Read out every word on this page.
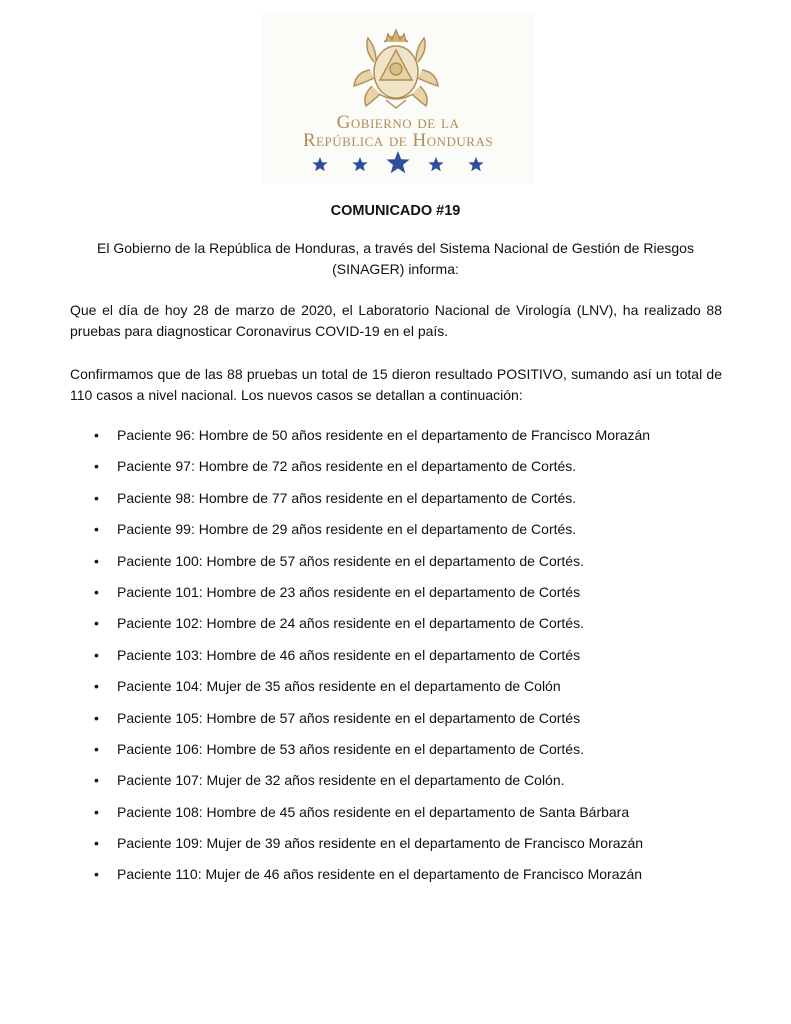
Gobierno de la
República de Honduras
COMUNICADO #19
El Gobierno de la República de Honduras, a través del Sistema Nacional de Gestión de Riesgos (SINAGER) informa:
Que el día de hoy 28 de marzo de 2020, el Laboratorio Nacional de Virología (LNV), ha realizado 88 pruebas para diagnosticar Coronavirus COVID-19 en el país.
Confirmamos que de las 88 pruebas un total de 15 dieron resultado POSITIVO, sumando así un total de 110 casos a nivel nacional. Los nuevos casos se detallan a continuación:
• Paciente 96: Hombre de 50 años residente en el departamento de Francisco Morazán
• Paciente 97: Hombre de 72 años residente en el departamento de Cortés.
• Paciente 98: Hombre de 77 años residente en el departamento de Cortés.
• Paciente 99: Hombre de 29 años residente en el departamento de Cortés.
• Paciente 100: Hombre de 57 años residente en el departamento de Cortés.
• Paciente 101: Hombre de 23 años residente en el departamento de Cortés
• Paciente 102: Hombre de 24 años residente en el departamento de Cortés.
• Paciente 103: Hombre de 46 años residente en el departamento de Cortés
• Paciente 104: Mujer de 35 años residente en el departamento de Colón
• Paciente 105: Hombre de 57 años residente en el departamento de Cortés
• Paciente 106: Hombre de 53 años residente en el departamento de Cortés.
• Paciente 107: Mujer de 32 años residente en el departamento de Colón.
• Paciente 108: Hombre de 45 años residente en el departamento de Santa Bárbara
• Paciente 109: Mujer de 39 años residente en el departamento de Francisco Morazán
• Paciente 110: Mujer de 46 años residente en el departamento de Francisco Morazán
